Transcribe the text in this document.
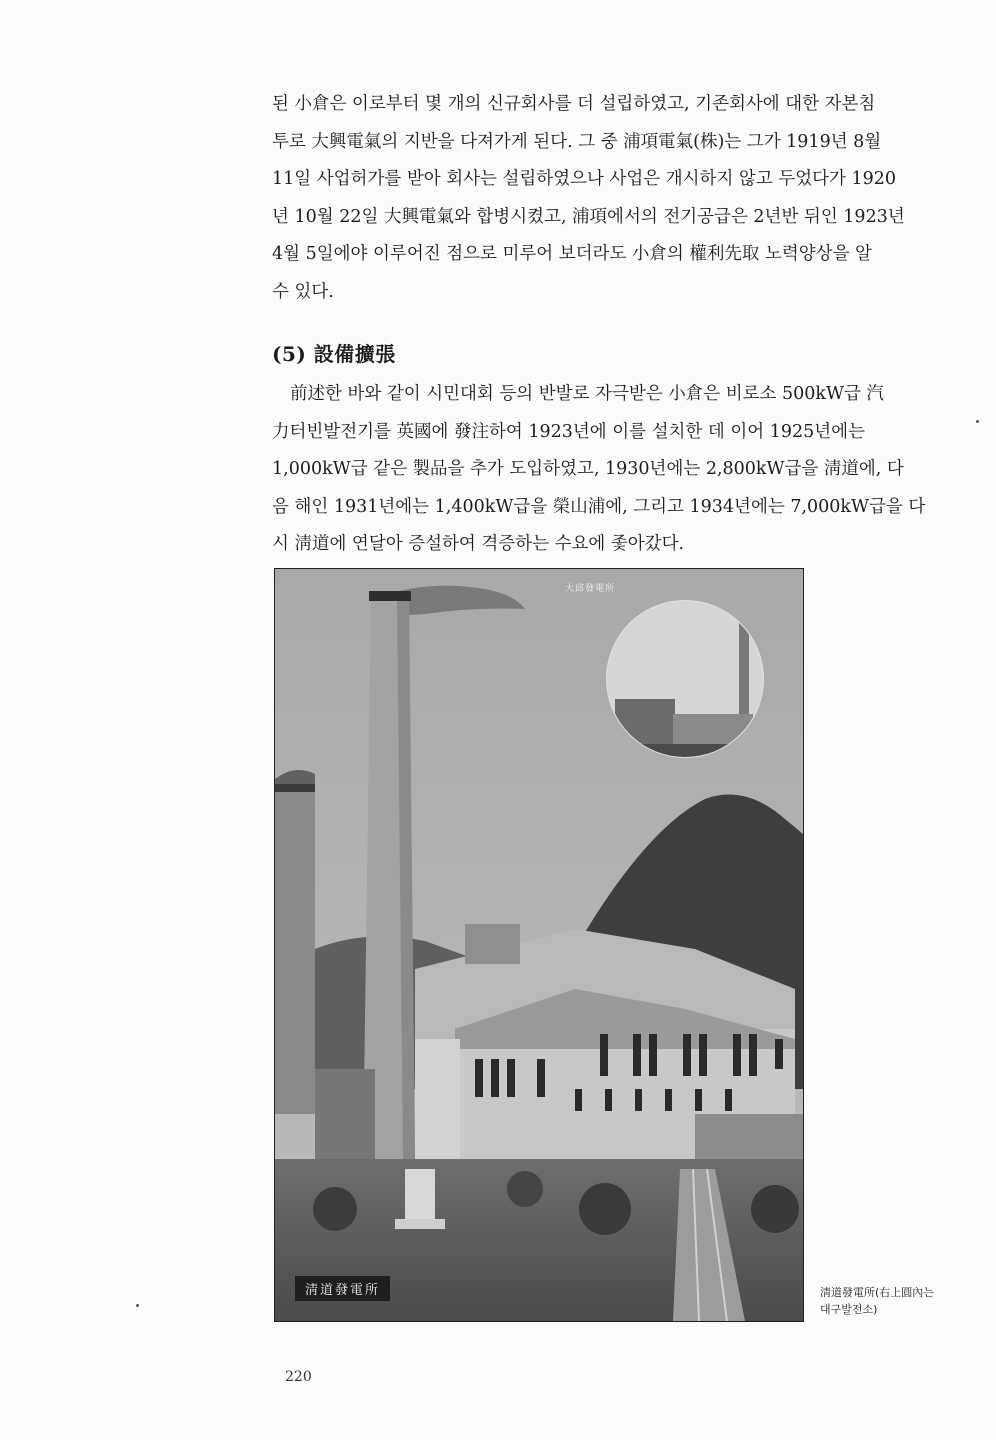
된 小倉은 이로부터 몇 개의 신규회사를 더 설립하였고, 기존회사에 대한 자본침
투로 大興電氣의 지반을 다져가게 된다. 그 중 浦項電氣(株)는 그가 1919년 8월
11일 사업허가를 받아 회사는 설립하였으나 사업은 개시하지 않고 두었다가 1920
년 10월 22일 大興電氣와 합병시켰고, 浦項에서의 전기공급은 2년반 뒤인 1923년
4월 5일에야 이루어진 점으로 미루어 보더라도 小倉의 權利先取 노력양상을 알
수 있다.
(5) 設備擴張
前述한 바와 같이 시민대회 등의 반발로 자극받은 小倉은 비로소 500kW급 汽
力터빈발전기를 英國에 發注하여 1923년에 이를 설치한 데 이어 1925년에는
1,000kW급 같은 製品을 추가 도입하였고, 1930년에는 2,800kW급을 淸道에, 다
음 해인 1931년에는 1,400kW급을 榮山浦에, 그리고 1934년에는 7,000kW급을 다
시 淸道에 연달아 증설하여 격증하는 수요에 좇아갔다.
大邱發電所
淸道發電所	淸道發電所(右上圓內는
대구발전소)
220
